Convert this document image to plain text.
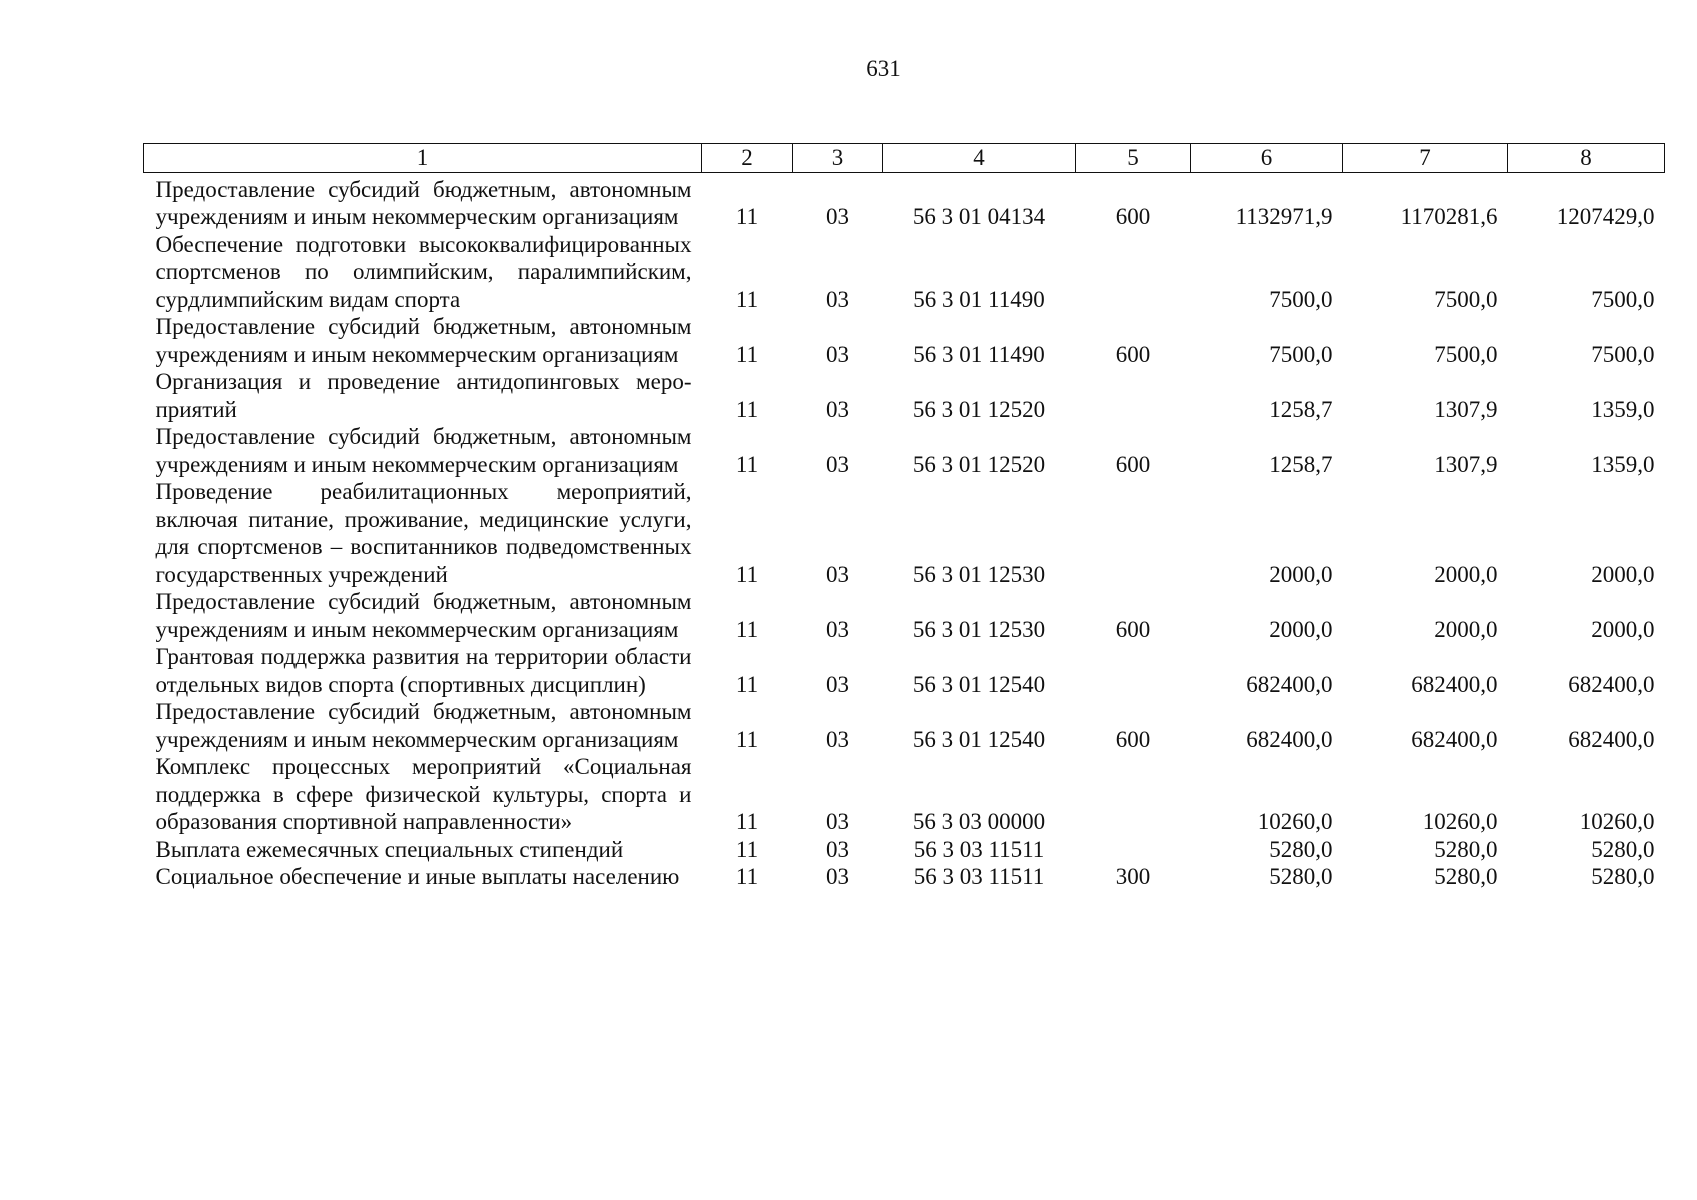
631
1	2	3	4	5	6	7	8
Предоставление субсидий бюджетным, автономным учреждениям и иным некоммерческим организациям	11	03	56 3 01 04134	600	1132971,9	1170281,6	1207429,0
Обеспечение подготовки высококвалифицированных спортсменов по олимпийским, паралимпийским, сурдлимпийским видам спорта	11	03	56 3 01 11490		7500,0	7500,0	7500,0
Предоставление субсидий бюджетным, автономным учреждениям и иным некоммерческим организациям	11	03	56 3 01 11490	600	7500,0	7500,0	7500,0
Организация и проведение антидопинговых мероприятий	11	03	56 3 01 12520		1258,7	1307,9	1359,0
Предоставление субсидий бюджетным, автономным учреждениям и иным некоммерческим организациям	11	03	56 3 01 12520	600	1258,7	1307,9	1359,0
Проведение реабилитационных мероприятий, включая питание, проживание, медицинские услуги, для спортсменов – воспитанников подведомственных государственных учреждений	11	03	56 3 01 12530		2000,0	2000,0	2000,0
Предоставление субсидий бюджетным, автономным учреждениям и иным некоммерческим организациям	11	03	56 3 01 12530	600	2000,0	2000,0	2000,0
Грантовая поддержка развития на территории области отдельных видов спорта (спортивных дисциплин)	11	03	56 3 01 12540		682400,0	682400,0	682400,0
Предоставление субсидий бюджетным, автономным учреждениям и иным некоммерческим организациям	11	03	56 3 01 12540	600	682400,0	682400,0	682400,0
Комплекс процессных мероприятий «Социальная поддержка в сфере физической культуры, спорта и образования спортивной направленности»	11	03	56 3 03 00000		10260,0	10260,0	10260,0
Выплата ежемесячных специальных стипендий	11	03	56 3 03 11511		5280,0	5280,0	5280,0
Социальное обеспечение и иные выплаты населению	11	03	56 3 03 11511	300	5280,0	5280,0	5280,0
